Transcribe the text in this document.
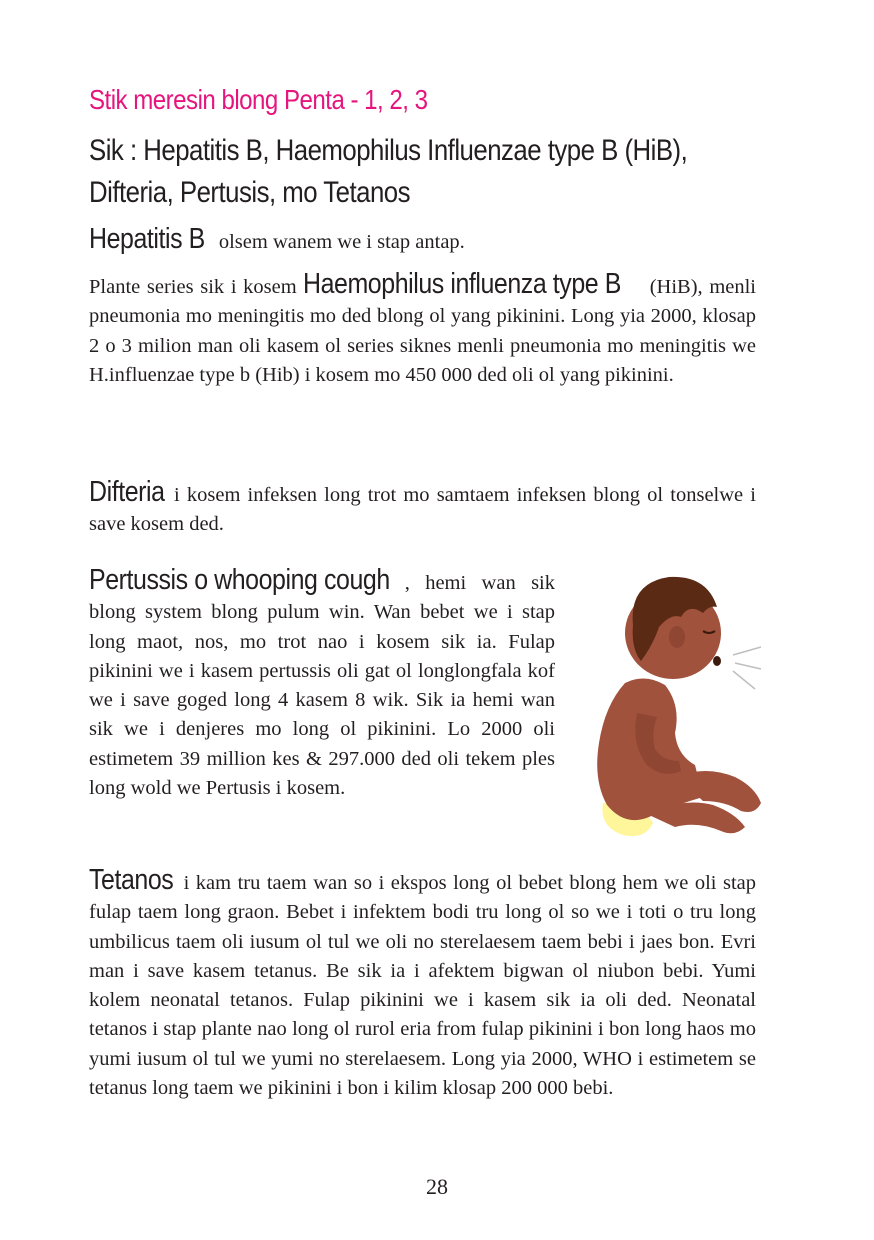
Stik meresin blong Penta - 1, 2, 3
Sik : Hepatitis B, Haemophilus Influenzae type B (HiB), Difteria, Pertusis, mo Tetanos
Hepatitis B olsem wanem we i stap antap.
Plante series sik i kosem Haemophilus influenza type B (HiB), menli pneumonia mo meningitis mo ded blong ol yang pikinini. Long yia 2000, klosap 2 o 3 milion man oli kasem ol series siknes menli pneumonia mo meningitis we H.influenzae type b (Hib) i kosem mo 450 000 ded oli ol yang pikinini.
Difteria i kosem infeksen long trot mo samtaem infeksen blong ol tonselwe i save kosem ded.
Pertussis o whooping cough , hemi wan sik blong system blong pulum win. Wan bebet we i stap long maot, nos, mo trot nao i kosem sik ia. Fulap pikinini we i kasem pertussis oli gat ol longlongfala kof we i save goged long 4 kasem 8 wik. Sik ia hemi wan sik we i denjeres mo long ol pikinini. Lo 2000 oli estimetem 39 million kes & 297.000 ded oli tekem ples long wold we Pertusis i kosem.
Tetanos i kam tru taem wan so i ekspos long ol bebet blong hem we oli stap fulap taem long graon. Bebet i infektem bodi tru long ol so we i toti o tru long umbilicus taem oli iusum ol tul we oli no sterelaesem taem bebi i jaes bon. Evri man i save kasem tetanus. Be sik ia i afektem bigwan ol niubon bebi. Yumi kolem neonatal tetanos. Fulap pikinini we i kasem sik ia oli ded. Neonatal tetanos i stap plante nao long ol rurol eria from fulap pikinini i bon long haos mo yumi iusum ol tul we yumi no sterelaesem. Long yia 2000, WHO i estimetem se tetanus long taem we pikinini i bon i kilim klosap 200 000 bebi.
28
